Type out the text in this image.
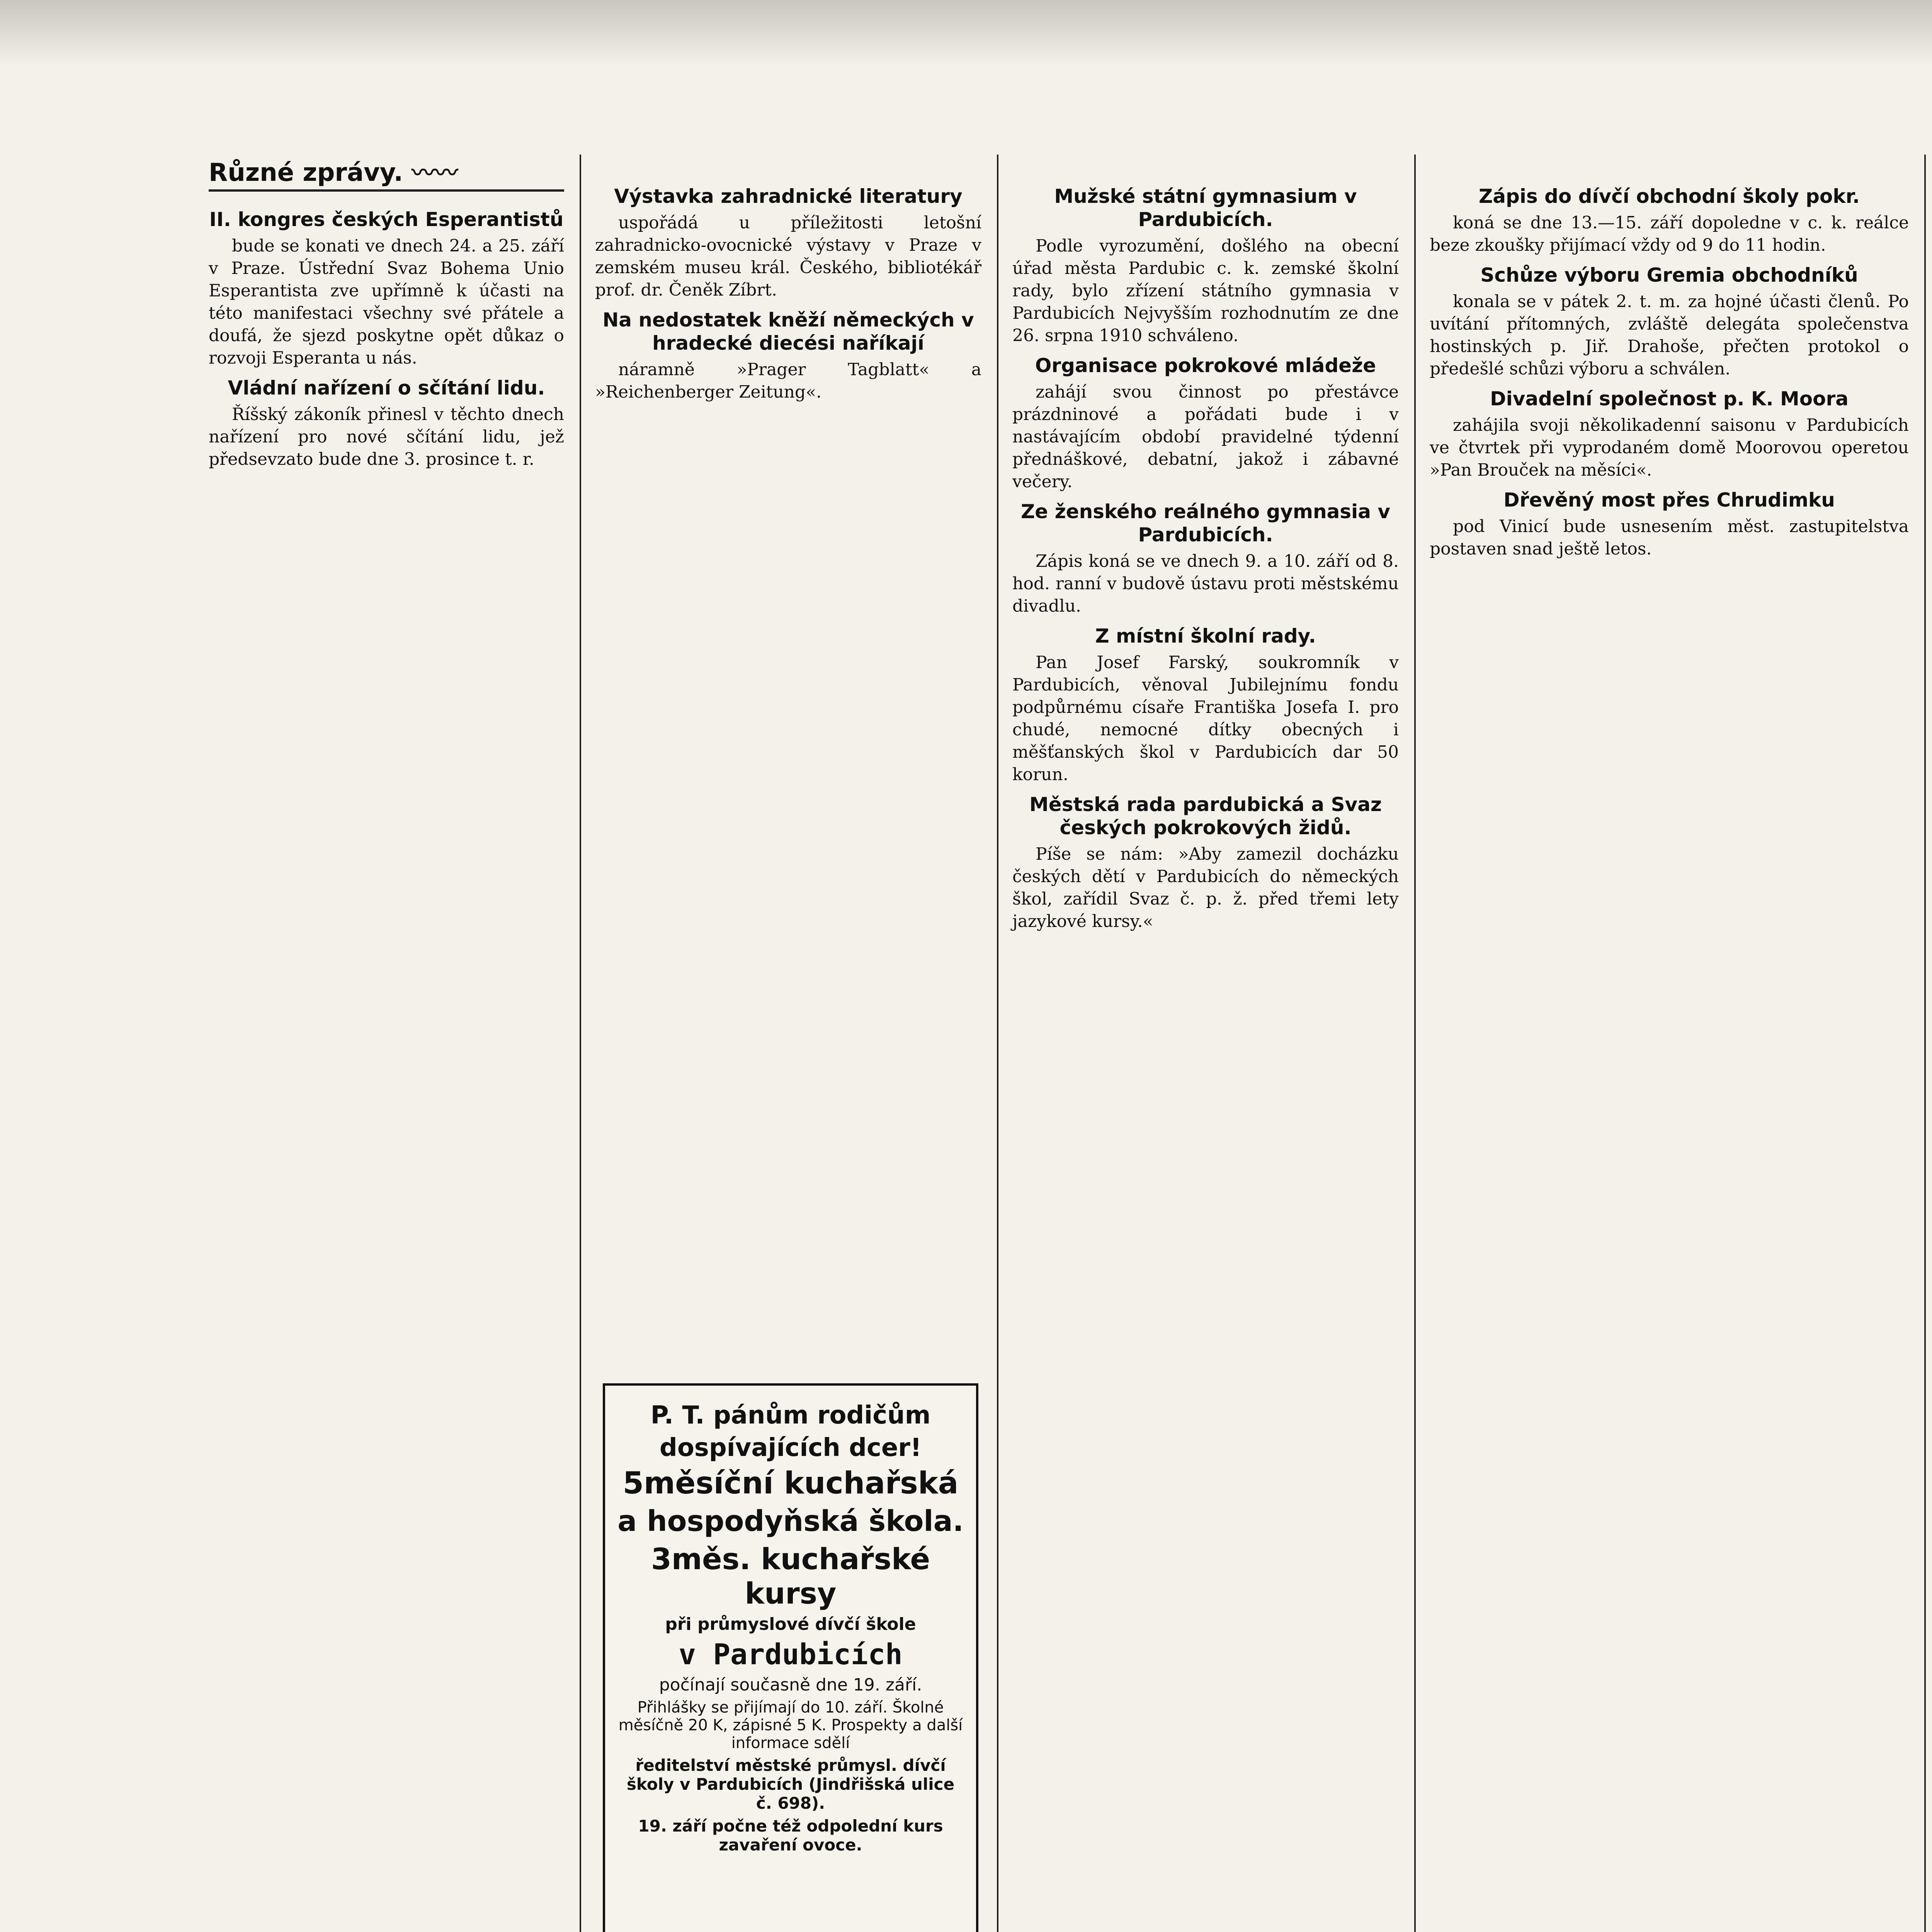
Různé zprávy. 〰〰
II. kongres českých Esperantistů

bude se konati ve dnech 24. a 25. září v Praze. Ústřední Svaz Bohema Unio Esperantista zve upřímně k účasti na této manifestaci všechny své přátele a doufá, že sjezd poskytne opět důkaz o rozvoji Esperanta u nás.

Vládní nařízení o sčítání lidu.

Říšský zákoník přinesl v těchto dnech nařízení pro nové sčítání lidu, jež předsevzato bude dne 3. prosince t. r.

Výstavka zahradnické literatury

uspořádá u příležitosti letošní zahradnicko-ovocnické výstavy v Praze v zemském museu král. Českého, bibliotékář prof. dr. Čeněk Zíbrt.

Na nedostatek kněží německých v hradecké diecési naříkají

náramně »Prager Tagblatt« a »Reichenberger Zeitung«.

P. T. pánům rodičům
dospívajících dcer!
5měsíční kuchařská
a hospodyňská škola.
3měs. kuchařské kursy
při průmyslové dívčí škole
v Pardubicích
počínají současně dne 19. září.
Přihlášky se přijímají do 10. září. Školné měsíčně 20 K, zápisné 5 K. Prospekty a další informace sdělí
ředitelství městské průmysl. dívčí školy v Pardubicích (Jindřišská ulice č. 698).
19. září počne též odpolední kurs zavaření ovoce.

Mužské státní gymnasium v Pardubicích.

Podle vyrozumění, došlého na obecní úřad města Pardubic c. k. zemské školní rady, bylo zřízení státního gymnasia v Pardubicích Nejvyšším rozhodnutím ze dne 26. srpna 1910 schváleno.

Organisace pokrokové mládeže

zahájí svou činnost po přestávce prázdninové a pořádati bude i v nastávajícím období pravidelné týdenní přednáškové, debatní, jakož i zábavné večery.

Ze ženského reálného gymnasia v Pardubicích.

Zápis koná se ve dnech 9. a 10. září od 8. hod. ranní v budově ústavu proti městskému divadlu.

Z místní školní rady.

Pan Josef Farský, soukromník v Pardubicích, věnoval Jubilejnímu fondu podpůrnému císaře Františka Josefa I. pro chudé, nemocné dítky obecných i měšťanských škol v Pardubicích dar 50 korun.

Městská rada pardubická a Svaz českých pokrokových židů.

Píše se nám: »Aby zamezil docházku českých dětí v Pardubicích do německých škol, zařídil Svaz č. p. ž. před třemi lety jazykové kursy.«

Zápis do dívčí obchodní školy pokr.

koná se dne 13.—15. září dopoledne v c. k. reálce beze zkoušky přijímací vždy od 9 do 11 hodin.

Schůze výboru Gremia obchodníků

konala se v pátek 2. t. m. za hojné účasti členů. Po uvítání přítomných, zvláště delegáta společenstva hostinských p. Jiř. Drahoše, přečten protokol o předešlé schůzi výboru a schválen.

Divadelní společnost p. K. Moora

zahájila svoji několikadenní saisonu v Pardubicích ve čtvrtek při vyprodaném domě Moorovou operetou »Pan Brouček na měsíci«.

Dřevěný most přes Chrudimku

pod Vinicí bude usnesením měst. zastupitelstva postaven snad ještě letos.
